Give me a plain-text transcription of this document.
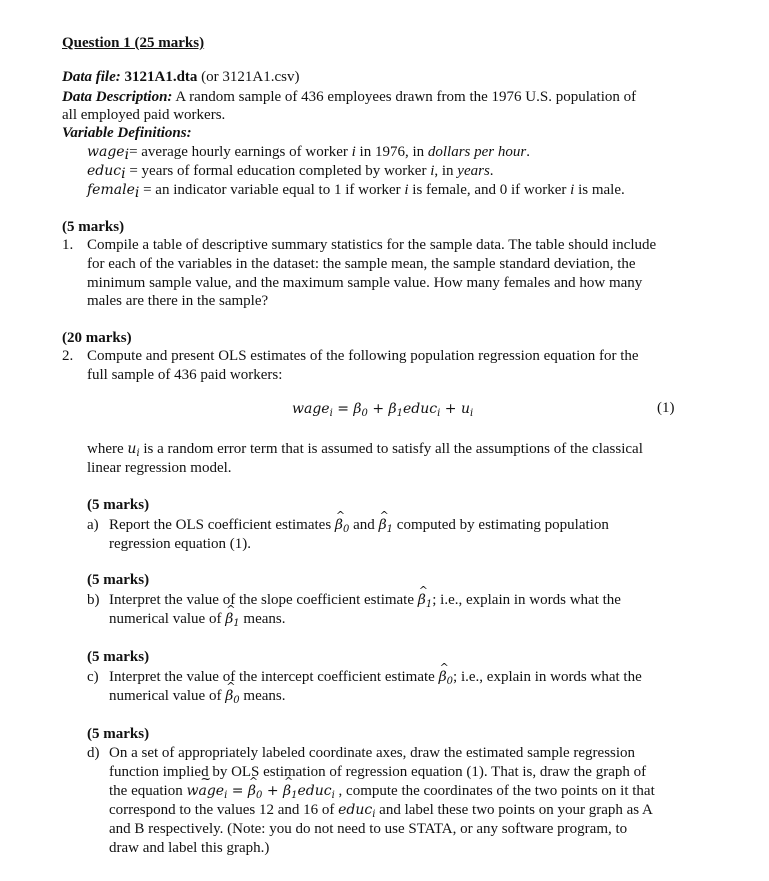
Question 1 (25 marks)
Data file: 3121A1.dta (or 3121A1.csv)
Data Description: A random sample of 436 employees drawn from the 1976 U.S. population of
all employed paid workers.
Variable Definitions:
wage$_i$= average hourly earnings of worker i in 1976, in dollars per hour.
educ$_i$ = years of formal education completed by worker i, in years.
female$_i$ = an indicator variable equal to 1 if worker i is female, and 0 if worker i is male.
(5 marks)
1. Compile a table of descriptive summary statistics for the sample data. The table should include
for each of the variables in the dataset: the sample mean, the sample standard deviation, the
minimum sample value, and the maximum sample value. How many females and how many
males are there in the sample?
(20 marks)
2. Compute and present OLS estimates of the following population regression equation for the
full sample of 436 paid workers:
wage$_i$ = $\beta_0$ + $\beta_1educ_i + u_i$	(1)
where $u_i$ is a random error term that is assumed to satisfy all the assumptions of the classical
linear regression model.
(5 marks)
a) Report the OLS coefficient estimates ^ $\beta_0$ and ^ $\beta_1$ computed by estimating population
regression equation (1).
(5 marks)
b) Interpret the value of the slope coefficient estimate ^ $\beta_1$; i.e., explain in words what the
numerical value of ^ $\beta_1$ means.
(5 marks)
c) Interpret the value of the intercept coefficient estimate ^ $\beta_0$; i.e., explain in words what the
numerical value of ^ $\beta_0$ means.
(5 marks)
d) On a set of appropriately labeled coordinate axes, draw the estimated sample regression
function implied by OLS estimation of regression equation (1). That is, draw the graph of
the equation ~ wage$_i$ = ^ $\beta_0$ + ^ $\beta_1educ_i$ , compute the coordinates of the two points on it that
correspond to the values 12 and 16 of educ$_i$ and label these two points on your graph as A
and B respectively. (Note: you do not need to use STATA, or any software program, to
draw and label this graph.)
